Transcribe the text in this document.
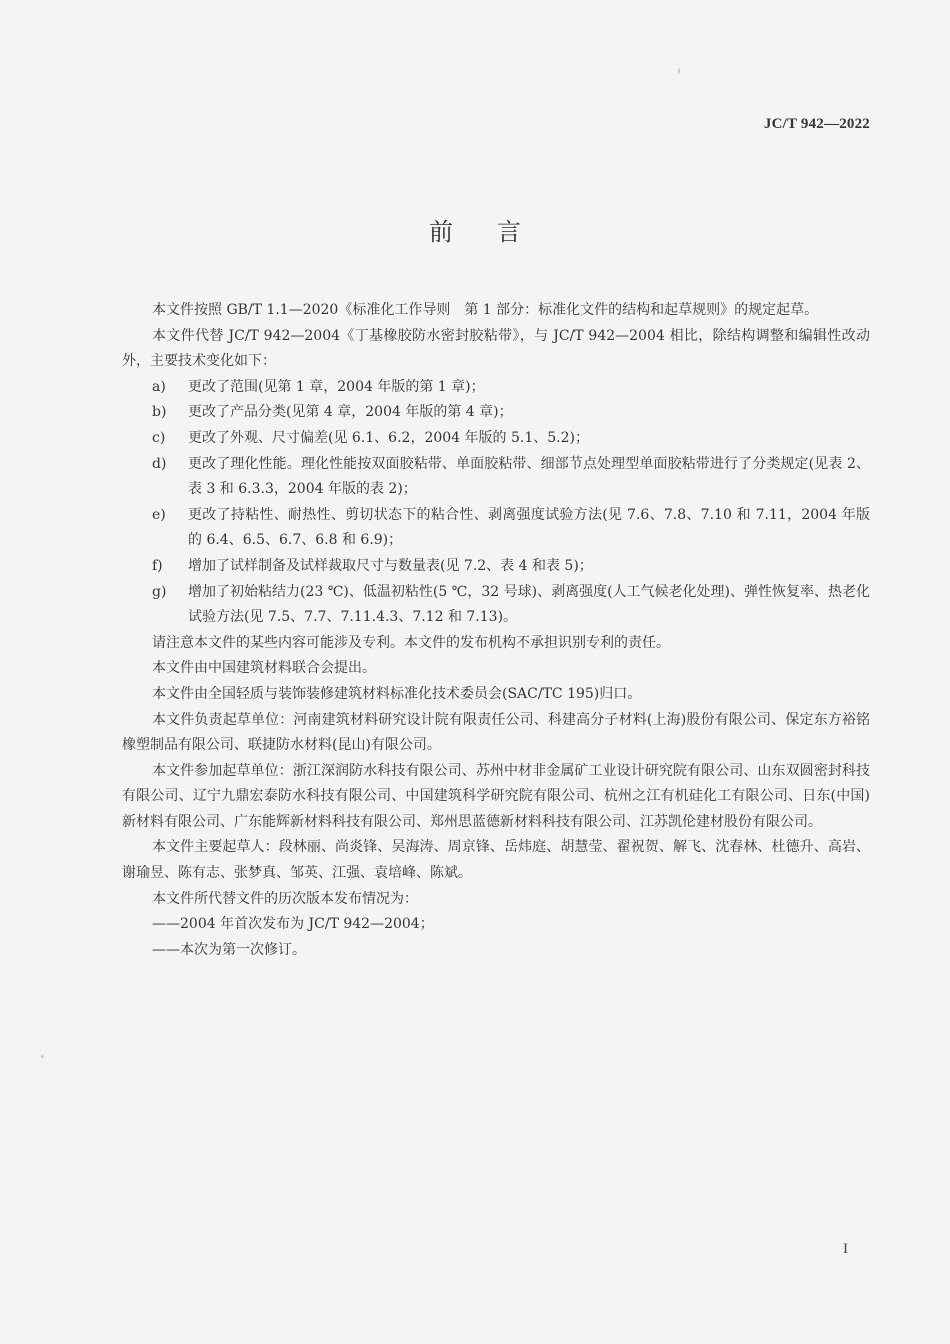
JC/T 942—2022
前言

本文件按照 GB/T 1.1—2020《标准化工作导则　第 1 部分：标准化文件的结构和起草规则》的规定起草。

本文件代替 JC/T 942—2004《丁基橡胶防水密封胶粘带》，与 JC/T 942—2004 相比，除结构调整和编辑性改动外，主要技术变化如下：

a) 更改了范围(见第 1 章，2004 年版的第 1 章)；
b) 更改了产品分类(见第 4 章，2004 年版的第 4 章)；
c) 更改了外观、尺寸偏差(见 6.1、6.2，2004 年版的 5.1、5.2)；
d) 更改了理化性能。理化性能按双面胶粘带、单面胶粘带、细部节点处理型单面胶粘带进行了分类规定(见表 2、表 3 和 6.3.3，2004 年版的表 2)；
e) 更改了持粘性、耐热性、剪切状态下的粘合性、剥离强度试验方法(见 7.6、7.8、7.10 和 7.11，2004 年版的 6.4、6.5、6.7、6.8 和 6.9)；
f) 增加了试样制备及试样裁取尺寸与数量表(见 7.2、表 4 和表 5)；
g) 增加了初始粘结力(23 ℃)、低温初粘性(5 ℃，32 号球)、剥离强度(人工气候老化处理)、弹性恢复率、热老化试验方法(见 7.5、7.7、7.11.4.3、7.12 和 7.13)。

请注意本文件的某些内容可能涉及专利。本文件的发布机构不承担识别专利的责任。

本文件由中国建筑材料联合会提出。

本文件由全国轻质与装饰装修建筑材料标准化技术委员会(SAC/TC 195)归口。

本文件负责起草单位：河南建筑材料研究设计院有限责任公司、科建高分子材料(上海)股份有限公司、保定东方裕铭橡塑制品有限公司、联捷防水材料(昆山)有限公司。

本文件参加起草单位：浙江深润防水科技有限公司、苏州中材非金属矿工业设计研究院有限公司、山东双圆密封科技有限公司、辽宁九鼎宏泰防水科技有限公司、中国建筑科学研究院有限公司、杭州之江有机硅化工有限公司、日东(中国)新材料有限公司、广东能辉新材料科技有限公司、郑州思蓝德新材料科技有限公司、江苏凯伦建材股份有限公司。

本文件主要起草人：段林丽、尚炎锋、吴海涛、周京锋、岳炜庭、胡慧莹、翟祝贺、解飞、沈春林、杜德升、高岩、谢瑜昱、陈有志、张梦真、邹英、江强、袁培峰、陈斌。

本文件所代替文件的历次版本发布情况为：

——2004 年首次发布为 JC/T 942—2004；

——本次为第一次修订。

I
